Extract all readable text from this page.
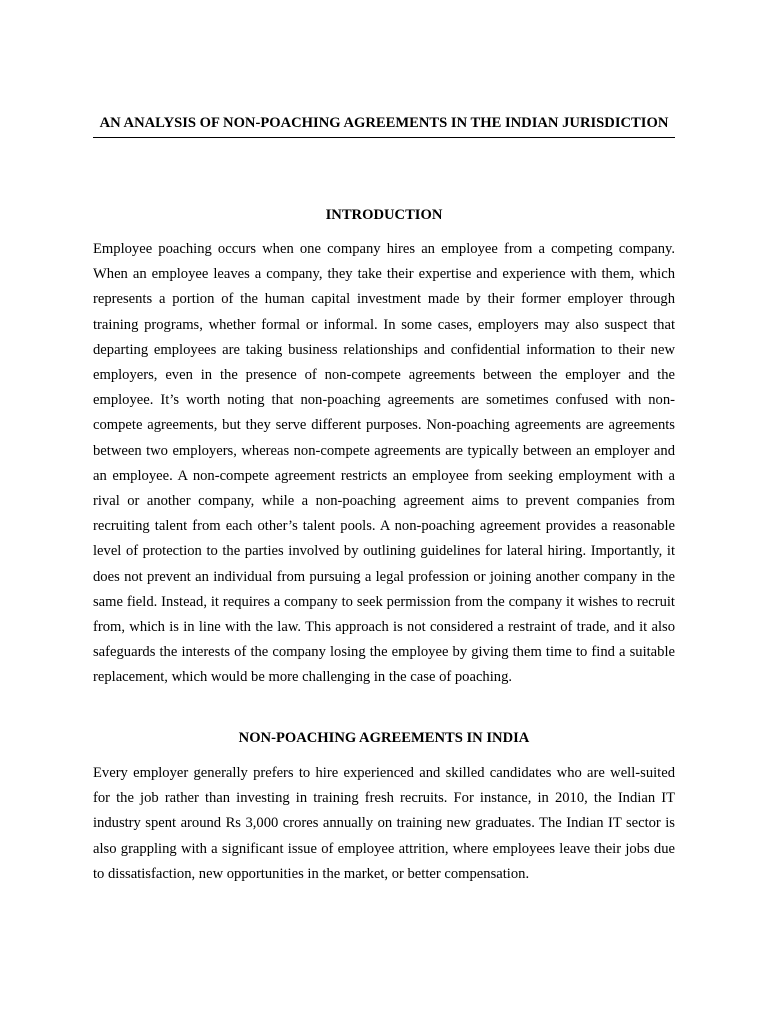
AN ANALYSIS OF NON-POACHING AGREEMENTS IN THE INDIAN JURISDICTION
INTRODUCTION

Employee poaching occurs when one company hires an employee from a competing company. When an employee leaves a company, they take their expertise and experience with them, which represents a portion of the human capital investment made by their former employer through training programs, whether formal or informal. In some cases, employers may also suspect that departing employees are taking business relationships and confidential information to their new employers, even in the presence of non-compete agreements between the employer and the employee. It’s worth noting that non-poaching agreements are sometimes confused with non-compete agreements, but they serve different purposes. Non-poaching agreements are agreements between two employers, whereas non-compete agreements are typically between an employer and an employee. A non-compete agreement restricts an employee from seeking employment with a rival or another company, while a non-poaching agreement aims to prevent companies from recruiting talent from each other’s talent pools. A non-poaching agreement provides a reasonable level of protection to the parties involved by outlining guidelines for lateral hiring. Importantly, it does not prevent an individual from pursuing a legal profession or joining another company in the same field. Instead, it requires a company to seek permission from the company it wishes to recruit from, which is in line with the law. This approach is not considered a restraint of trade, and it also safeguards the interests of the company losing the employee by giving them time to find a suitable replacement, which would be more challenging in the case of poaching.

NON-POACHING AGREEMENTS IN INDIA

Every employer generally prefers to hire experienced and skilled candidates who are well-suited for the job rather than investing in training fresh recruits. For instance, in 2010, the Indian IT industry spent around Rs 3,000 crores annually on training new graduates. The Indian IT sector is also grappling with a significant issue of employee attrition, where employees leave their jobs due to dissatisfaction, new opportunities in the market, or better compensation.
